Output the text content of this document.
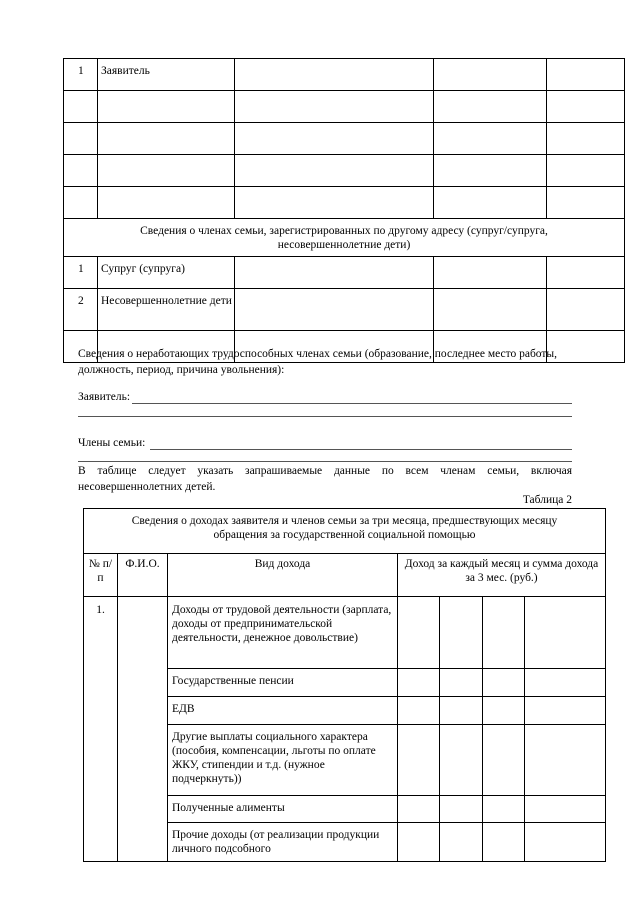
1	Заявитель			

Сведения о членах семьи, зарегистрированных по другому адресу (супруг/супруга, несовершеннолетние дети)				
1	Супруг (супруга)			
2	Несовершеннолетние дети			

Сведения о неработающих трудоспособных членах семьи (образование, последнее место работы, должность, период, причина увольнения):
Заявитель:
Члены семьи:
В таблице следует указать запрашиваемые данные по всем членам семьи, включая несовершеннолетних детей.
Таблица 2
Сведения о доходах заявителя и членов семьи за три месяца, предшествующих месяцу обращения за государственной социальной помощью						
№ п/п	Ф.И.О.	Вид дохода	Доход за каждый месяц и сумма дохода за 3 мес. (руб.)			
1.		Доходы от трудовой деятельности (зарплата, доходы от предпринимательской деятельности, денежное довольствие)				
		Государственные пенсии				
		ЕДВ				
		Другие выплаты социального характера (пособия, компенсации, льготы по оплате ЖКУ, стипендии и т.д. (нужное подчеркнуть))				
		Полученные алименты				
		Прочие доходы (от реализации продукции личного подсобного				
